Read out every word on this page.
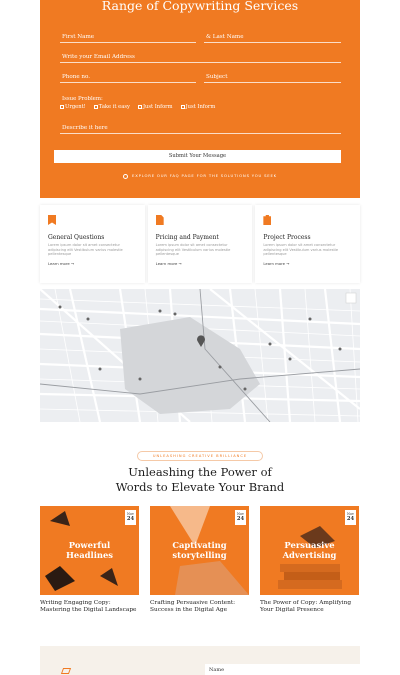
Range of Copywriting Services
First Name	& Last Name
Write your Email Address
Phone no.	Subject
Issue Problem:
Urgent!	Take it easy	Just Inform	Just Inform
Describe it here
Submit Your Message
EXPLORE OUR FAQ PAGE FOR THE SOLUTIONS YOU SEEK
General Questions

Lorem ipsum dolor sit amet consectetur adipiscing elit Vestibulum varius molestie pellentesque

Learn more →
Pricing and Payment

Lorem ipsum dolor sit amet consectetur adipiscing elit Vestibulum varius molestie pellentesque

Learn more →
Project Process

Lorem ipsum dolor sit amet consectetur adipiscing elit Vestibulum varius molestie pellentesque

Learn more →
UNLEASHING CREATIVE BRILLIANCE
Unleashing the Power of
Words to Elevate Your Brand
Nov
24
Powerful
Headlines
Writing Engaging Copy: Mastering the Digital Landscape
Nov
24
Captivating
storytelling
Crafting Persuasive Content: Success in the Digital Age
Nov
24
Persuasive
Advertising
The Power of Copy: Amplifying Your Digital Presence
Name
